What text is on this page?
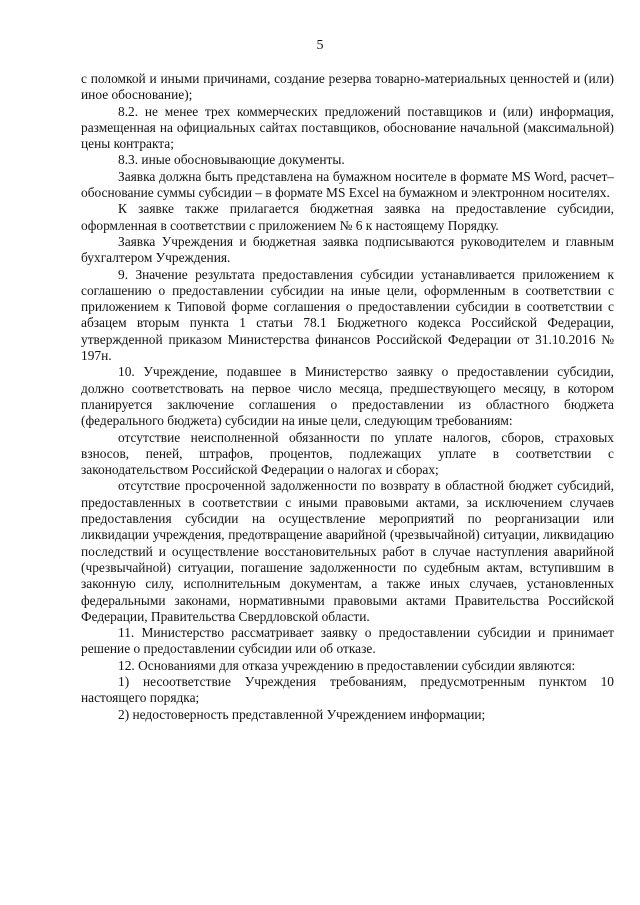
5

с поломкой и иными причинами, создание резерва товарно-материальных ценностей и (или) иное обоснование);

8.2. не менее трех коммерческих предложений поставщиков и (или) информация, размещенная на официальных сайтах поставщиков, обоснование начальной (максимальной) цены контракта;

8.3. иные обосновывающие документы.

Заявка должна быть представлена на бумажном носителе в формате MS Word, расчет–обоснование суммы субсидии – в формате MS Excel на бумажном и электронном носителях.

К заявке также прилагается бюджетная заявка на предоставление субсидии, оформленная в соответствии с приложением № 6 к настоящему Порядку.

Заявка Учреждения и бюджетная заявка подписываются руководителем и главным бухгалтером Учреждения.

9. Значение результата предоставления субсидии устанавливается приложением к соглашению о предоставлении субсидии на иные цели, оформленным в соответствии с приложением к Типовой форме соглашения о предоставлении субсидии в соответствии с абзацем вторым пункта 1 статьи 78.1 Бюджетного кодекса Российской Федерации, утвержденной приказом Министерства финансов Российской Федерации от 31.10.2016 № 197н.

10. Учреждение, подавшее в Министерство заявку о предоставлении субсидии, должно соответствовать на первое число месяца, предшествующего месяцу, в котором планируется заключение соглашения о предоставлении из областного бюджета (федерального бюджета) субсидии на иные цели, следующим требованиям:

отсутствие неисполненной обязанности по уплате налогов, сборов, страховых взносов, пеней, штрафов, процентов, подлежащих уплате в соответствии с законодательством Российской Федерации о налогах и сборах;

отсутствие просроченной задолженности по возврату в областной бюджет субсидий, предоставленных в соответствии с иными правовыми актами, за исключением случаев предоставления субсидии на осуществление мероприятий по реорганизации или ликвидации учреждения, предотвращение аварийной (чрезвычайной) ситуации, ликвидацию последствий и осуществление восстановительных работ в случае наступления аварийной (чрезвычайной) ситуации, погашение задолженности по судебным актам, вступившим в законную силу, исполнительным документам, а также иных случаев, установленных федеральными законами, нормативными правовыми актами Правительства Российской Федерации, Правительства Свердловской области.

11. Министерство рассматривает заявку о предоставлении субсидии и принимает решение о предоставлении субсидии или об отказе.

12. Основаниями для отказа учреждению в предоставлении субсидии являются:

1) несоответствие Учреждения требованиям, предусмотренным пунктом 10 настоящего порядка;

2) недостоверность представленной Учреждением информации;
